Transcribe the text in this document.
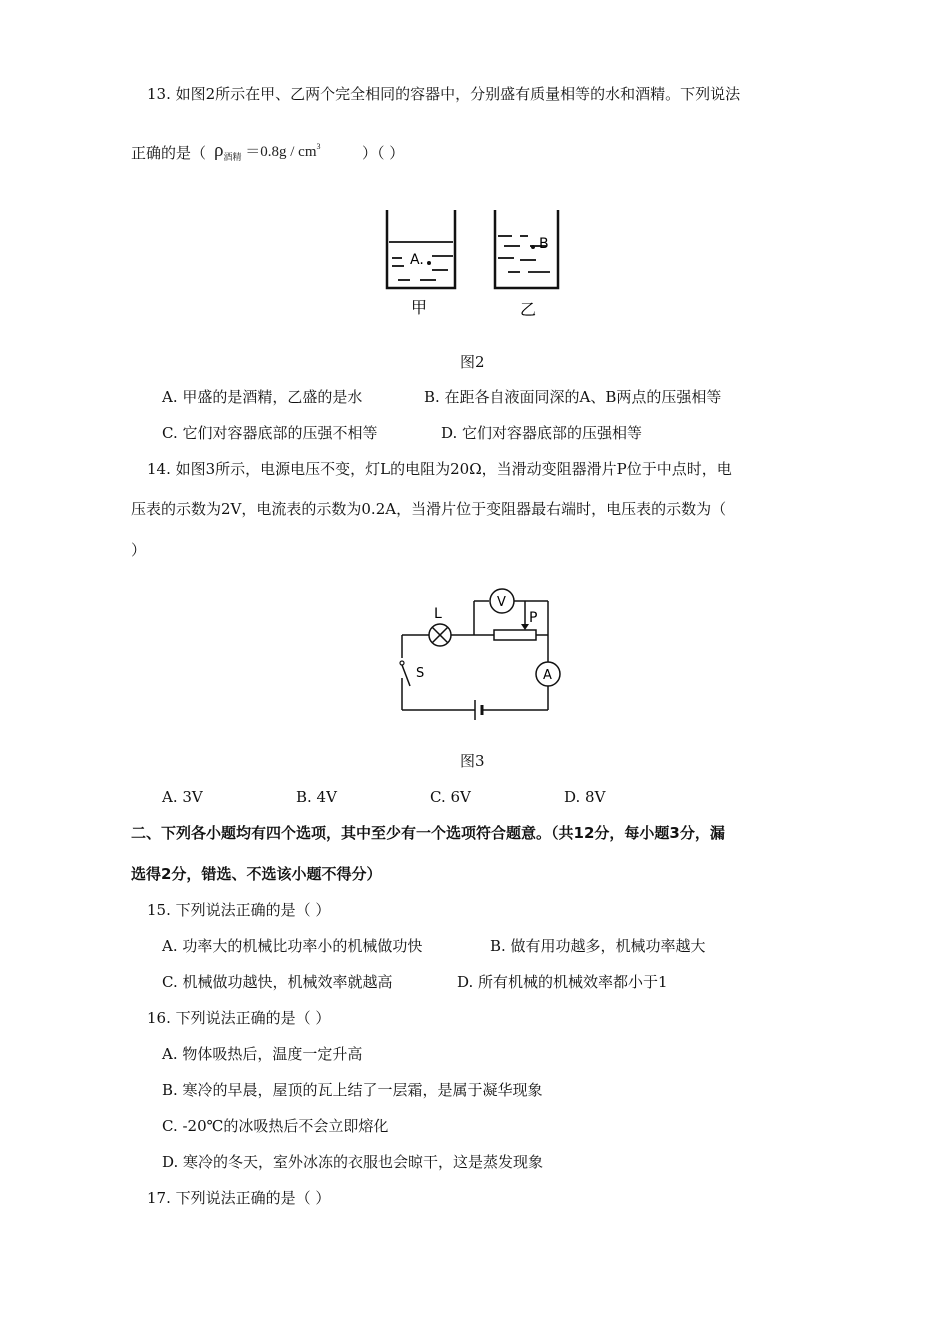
13. 如图2所示在甲、乙两个完全相同的容器中，分别盛有质量相等的水和酒精。下列说法
正确的是（ $\rho_{酒精} =0.8g / cm^3$	）（ ）
A.
B
甲	乙
图2
A. 甲盛的是酒精，乙盛的是水	B. 在距各自液面同深的A、B两点的压强相等
C. 它们对容器底部的压强不相等	D. 它们对容器底部的压强相等
14. 如图3所示，电源电压不变，灯L的电阻为20Ω，当滑动变阻器滑片P位于中点时，电
压表的示数为2V，电流表的示数为0.2A，当滑片位于变阻器最右端时，电压表的示数为（
）
L
V
P
S	A
图3
A. 3V	B. 4V	C. 6V	D. 8V
二、下列各小题均有四个选项，其中至少有一个选项符合题意。（共12分，每小题3分，漏
选得2分，错选、不选该小题不得分）
15. 下列说法正确的是（ ）
A. 功率大的机械比功率小的机械做功快	B. 做有用功越多，机械功率越大
C. 机械做功越快，机械效率就越高	D. 所有机械的机械效率都小于1
16. 下列说法正确的是（ ）
A. 物体吸热后，温度一定升高
B. 寒冷的早晨，屋顶的瓦上结了一层霜，是属于凝华现象
C. -20℃的冰吸热后不会立即熔化
D. 寒冷的冬天，室外冰冻的衣服也会晾干，这是蒸发现象
17. 下列说法正确的是（ ）
